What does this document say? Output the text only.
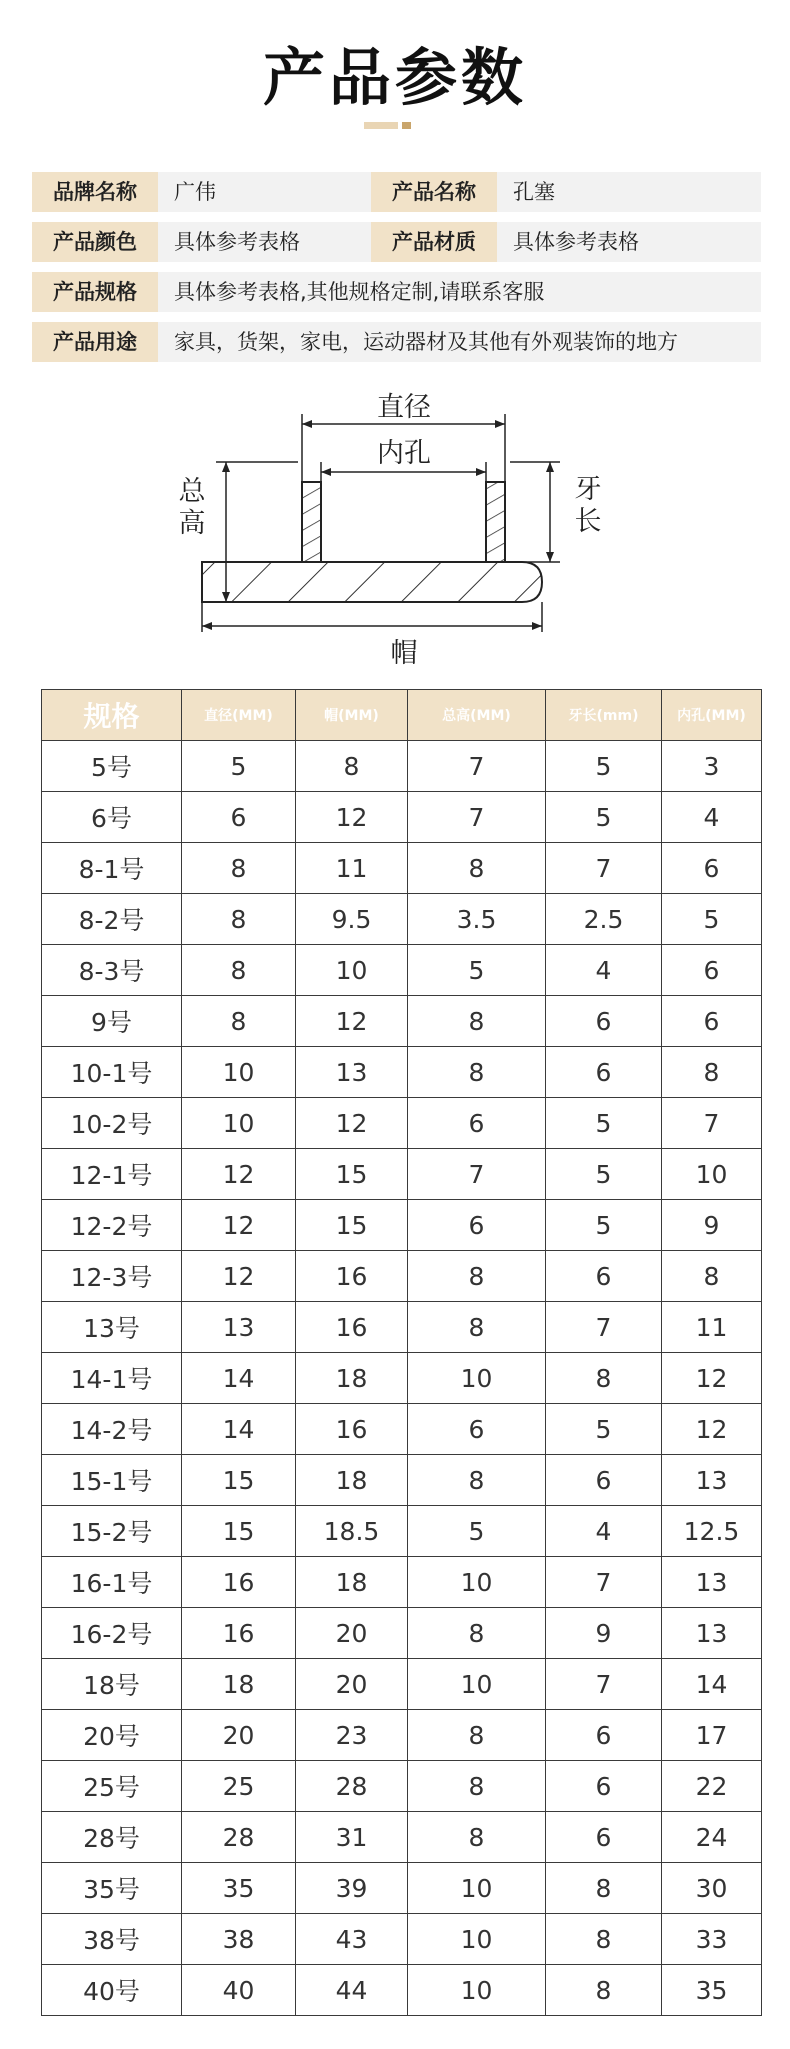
产品参数
品牌名称	广伟	产品名称	孔塞
产品颜色	具体参考表格	产品材质	具体参考表格
产品规格	具体参考表格,其他规格定制,请联系客服
产品用途	家具，货架，家电，运动器材及其他有外观装饰的地方
直径
内孔
总
高
牙
长
帽
规格	直径(MM)	帽(MM)	总高(MM)	牙长(mm)	内孔(MM)
5号	5	8	7	5	3
6号	6	12	7	5	4
8-1号	8	11	8	7	6
8-2号	8	9.5	3.5	2.5	5
8-3号	8	10	5	4	6
9号	8	12	8	6	6
10-1号	10	13	8	6	8
10-2号	10	12	6	5	7
12-1号	12	15	7	5	10
12-2号	12	15	6	5	9
12-3号	12	16	8	6	8
13号	13	16	8	7	11
14-1号	14	18	10	8	12
14-2号	14	16	6	5	12
15-1号	15	18	8	6	13
15-2号	15	18.5	5	4	12.5
16-1号	16	18	10	7	13
16-2号	16	20	8	9	13
18号	18	20	10	7	14
20号	20	23	8	6	17
25号	25	28	8	6	22
28号	28	31	8	6	24
35号	35	39	10	8	30
38号	38	43	10	8	33
40号	40	44	10	8	35
